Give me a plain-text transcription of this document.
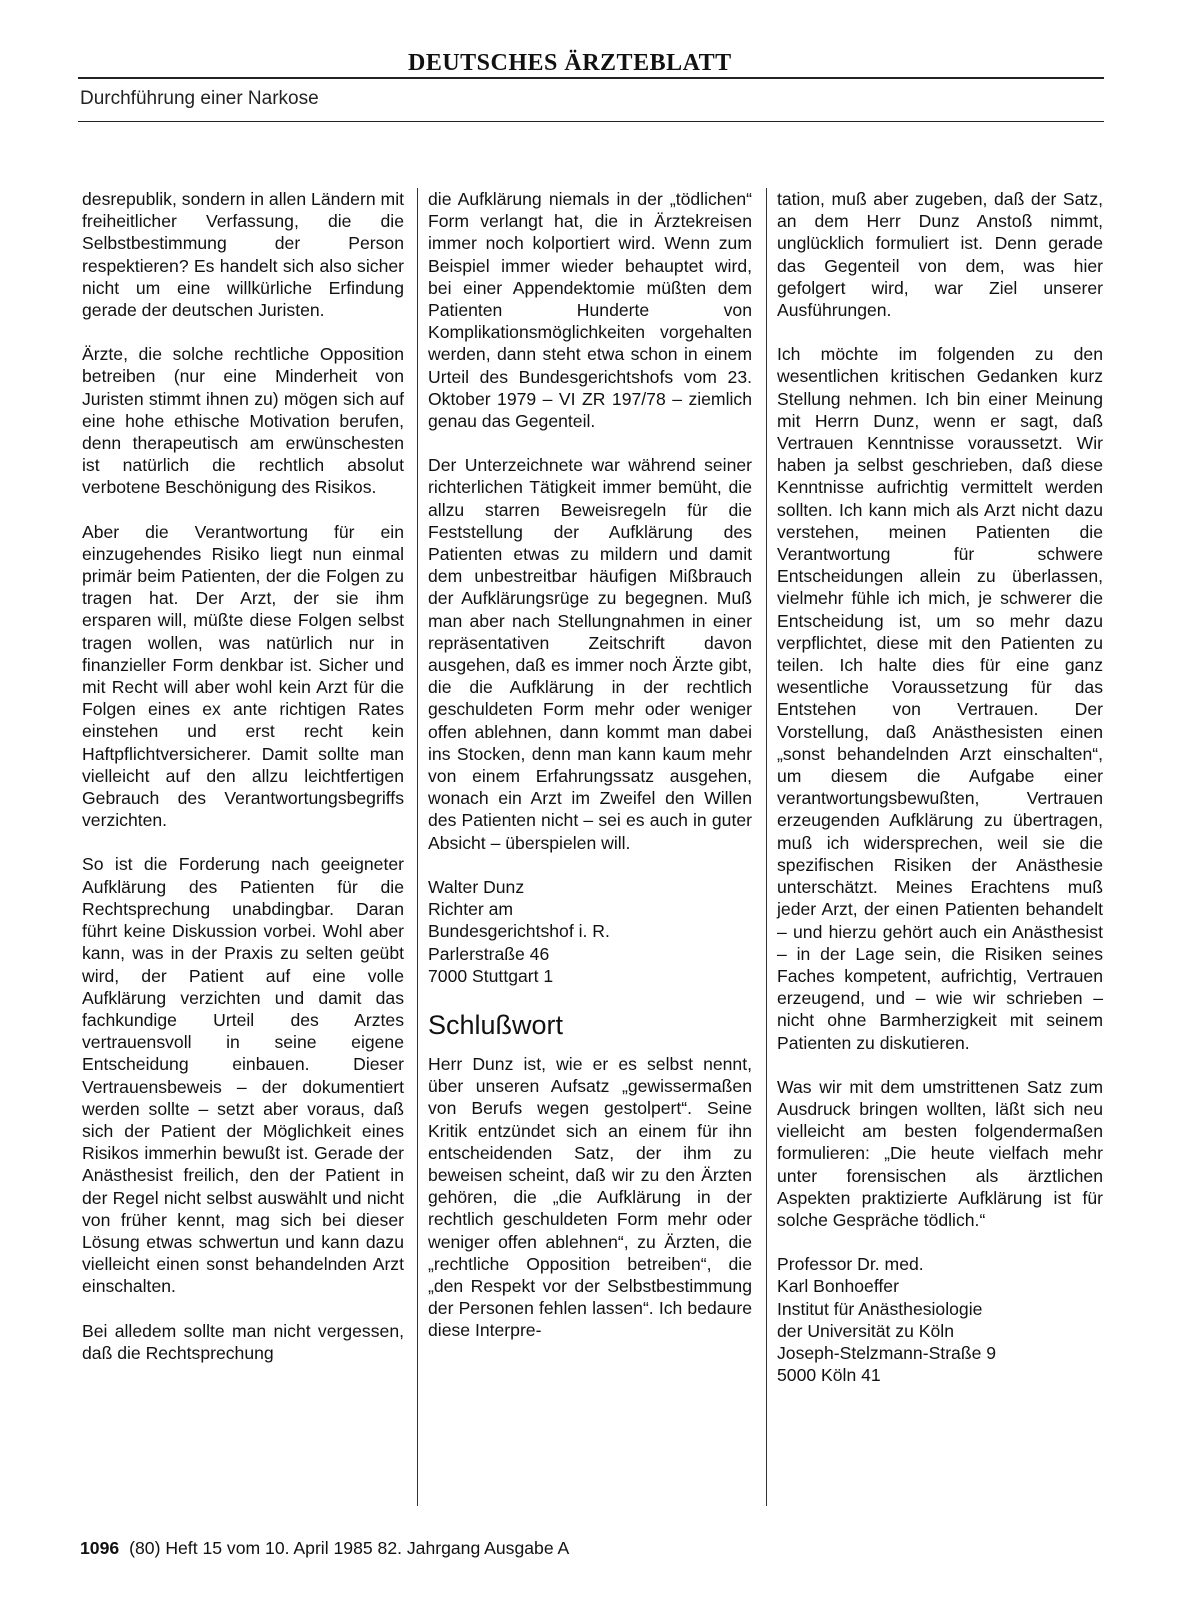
DEUTSCHES ÄRZTEBLATT
Durchführung einer Narkose

desrepublik, sondern in allen Ländern mit freiheitlicher Verfassung, die die Selbstbestimmung der Person respektieren? Es handelt sich also sicher nicht um eine willkürliche Erfindung gerade der deutschen Juristen.

Ärzte, die solche rechtliche Opposition betreiben (nur eine Minderheit von Juristen stimmt ihnen zu) mögen sich auf eine hohe ethische Motivation berufen, denn therapeutisch am erwünschesten ist natürlich die rechtlich absolut verbotene Beschönigung des Risikos.

Aber die Verantwortung für ein einzugehendes Risiko liegt nun einmal primär beim Patienten, der die Folgen zu tragen hat. Der Arzt, der sie ihm ersparen will, müßte diese Folgen selbst tragen wollen, was natürlich nur in finanzieller Form denkbar ist. Sicher und mit Recht will aber wohl kein Arzt für die Folgen eines ex ante richtigen Rates einstehen und erst recht kein Haftpflichtversicherer. Damit sollte man vielleicht auf den allzu leichtfertigen Gebrauch des Verantwortungsbegriffs verzichten.

So ist die Forderung nach geeigneter Aufklärung des Patienten für die Rechtsprechung unabdingbar. Daran führt keine Diskussion vorbei. Wohl aber kann, was in der Praxis zu selten geübt wird, der Patient auf eine volle Aufklärung verzichten und damit das fachkundige Urteil des Arztes vertrauensvoll in seine eigene Entscheidung einbauen. Dieser Vertrauensbeweis – der dokumentiert werden sollte – setzt aber voraus, daß sich der Patient der Möglichkeit eines Risikos immerhin bewußt ist. Gerade der Anästhesist freilich, den der Patient in der Regel nicht selbst auswählt und nicht von früher kennt, mag sich bei dieser Lösung etwas schwertun und kann dazu vielleicht einen sonst behandelnden Arzt einschalten.

Bei alledem sollte man nicht vergessen, daß die Rechtsprechung

die Aufklärung niemals in der „tödlichen“ Form verlangt hat, die in Ärztekreisen immer noch kolportiert wird. Wenn zum Beispiel immer wieder behauptet wird, bei einer Appendektomie müßten dem Patienten Hunderte von Komplikationsmöglichkeiten vorgehalten werden, dann steht etwa schon in einem Urteil des Bundesgerichtshofs vom 23. Oktober 1979 – VI ZR 197/78 – ziemlich genau das Gegenteil.

Der Unterzeichnete war während seiner richterlichen Tätigkeit immer bemüht, die allzu starren Beweisregeln für die Feststellung der Aufklärung des Patienten etwas zu mildern und damit dem unbestreitbar häufigen Mißbrauch der Aufklärungsrüge zu begegnen. Muß man aber nach Stellungnahmen in einer repräsentativen Zeitschrift davon ausgehen, daß es immer noch Ärzte gibt, die die Aufklärung in der rechtlich geschuldeten Form mehr oder weniger offen ablehnen, dann kommt man dabei ins Stocken, denn man kann kaum mehr von einem Erfahrungssatz ausgehen, wonach ein Arzt im Zweifel den Willen des Patienten nicht – sei es auch in guter Absicht – überspielen will.

Walter Dunz
Richter am
Bundesgerichtshof i. R.
Parlerstraße 46
7000 Stuttgart 1
Schlußwort

Herr Dunz ist, wie er es selbst nennt, über unseren Aufsatz „gewissermaßen von Berufs wegen gestolpert“. Seine Kritik entzündet sich an einem für ihn entscheidenden Satz, der ihm zu beweisen scheint, daß wir zu den Ärzten gehören, die „die Aufklärung in der rechtlich geschuldeten Form mehr oder weniger offen ablehnen“, zu Ärzten, die „rechtliche Opposition betreiben“, die „den Respekt vor der Selbstbestimmung der Personen fehlen lassen“. Ich bedaure diese Interpre-

tation, muß aber zugeben, daß der Satz, an dem Herr Dunz Anstoß nimmt, unglücklich formuliert ist. Denn gerade das Gegenteil von dem, was hier gefolgert wird, war Ziel unserer Ausführungen.

Ich möchte im folgenden zu den wesentlichen kritischen Gedanken kurz Stellung nehmen. Ich bin einer Meinung mit Herrn Dunz, wenn er sagt, daß Vertrauen Kenntnisse voraussetzt. Wir haben ja selbst geschrieben, daß diese Kenntnisse aufrichtig vermittelt werden sollten. Ich kann mich als Arzt nicht dazu verstehen, meinen Patienten die Verantwortung für schwere Entscheidungen allein zu überlassen, vielmehr fühle ich mich, je schwerer die Entscheidung ist, um so mehr dazu verpflichtet, diese mit den Patienten zu teilen. Ich halte dies für eine ganz wesentliche Voraussetzung für das Entstehen von Vertrauen. Der Vorstellung, daß Anästhesisten einen „sonst behandelnden Arzt einschalten“, um diesem die Aufgabe einer verantwortungsbewußten, Vertrauen erzeugenden Aufklärung zu übertragen, muß ich widersprechen, weil sie die spezifischen Risiken der Anästhesie unterschätzt. Meines Erachtens muß jeder Arzt, der einen Patienten behandelt – und hierzu gehört auch ein Anästhesist – in der Lage sein, die Risiken seines Faches kompetent, aufrichtig, Vertrauen erzeugend, und – wie wir schrieben – nicht ohne Barmherzigkeit mit seinem Patienten zu diskutieren.

Was wir mit dem umstrittenen Satz zum Ausdruck bringen wollten, läßt sich neu vielleicht am besten folgendermaßen formulieren: „Die heute vielfach mehr unter forensischen als ärztlichen Aspekten praktizierte Aufklärung ist für solche Gespräche tödlich.“

Professor Dr. med.
Karl Bonhoeffer
Institut für Anästhesiologie
der Universität zu Köln
Joseph-Stelzmann-Straße 9
5000 Köln 41
1096 (80) Heft 15 vom 10. April 1985 82. Jahrgang Ausgabe A
